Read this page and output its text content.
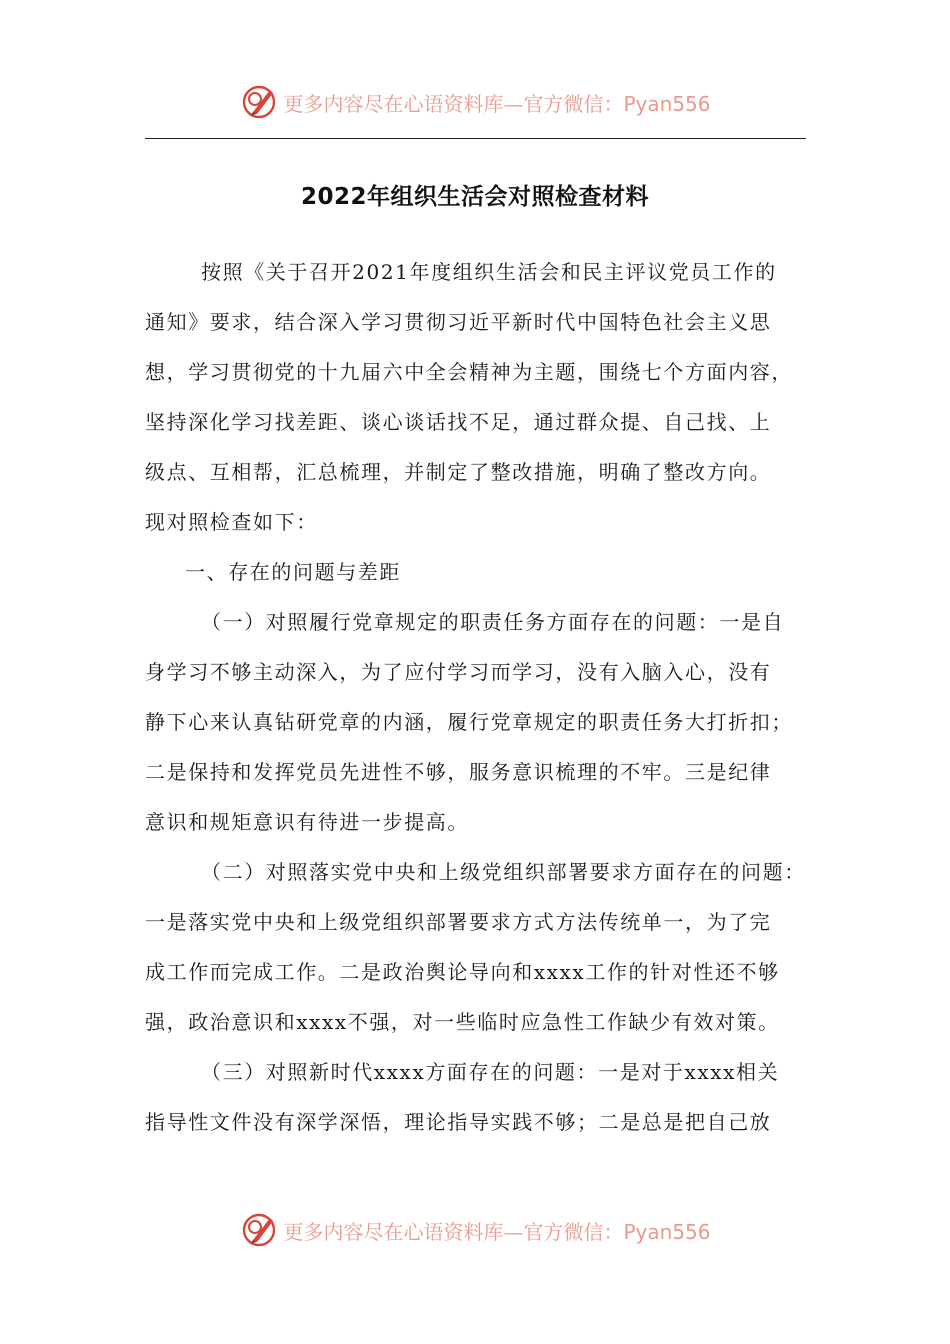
更多内容尽在心语资料库—官方微信：Pyan556
2022年组织生活会对照检查材料
按照《关于召开2021年度组织生活会和民主评议党员工作的
通知》要求，结合深入学习贯彻习近平新时代中国特色社会主义思
想，学习贯彻党的十九届六中全会精神为主题，围绕七个方面内容，
坚持深化学习找差距、谈心谈话找不足，通过群众提、自己找、上
级点、互相帮，汇总梳理，并制定了整改措施，明确了整改方向。
现对照检查如下：
一、存在的问题与差距
（一）对照履行党章规定的职责任务方面存在的问题：一是自
身学习不够主动深入，为了应付学习而学习，没有入脑入心，没有
静下心来认真钻研党章的内涵，履行党章规定的职责任务大打折扣；
二是保持和发挥党员先进性不够，服务意识梳理的不牢。三是纪律
意识和规矩意识有待进一步提高。
（二）对照落实党中央和上级党组织部署要求方面存在的问题：
一是落实党中央和上级党组织部署要求方式方法传统单一，为了完
成工作而完成工作。二是政治舆论导向和xxxx工作的针对性还不够
强，政治意识和xxxx不强，对一些临时应急性工作缺少有效对策。
（三）对照新时代xxxx方面存在的问题：一是对于xxxx相关
指导性文件没有深学深悟，理论指导实践不够；二是总是把自己放
更多内容尽在心语资料库—官方微信：Pyan556
